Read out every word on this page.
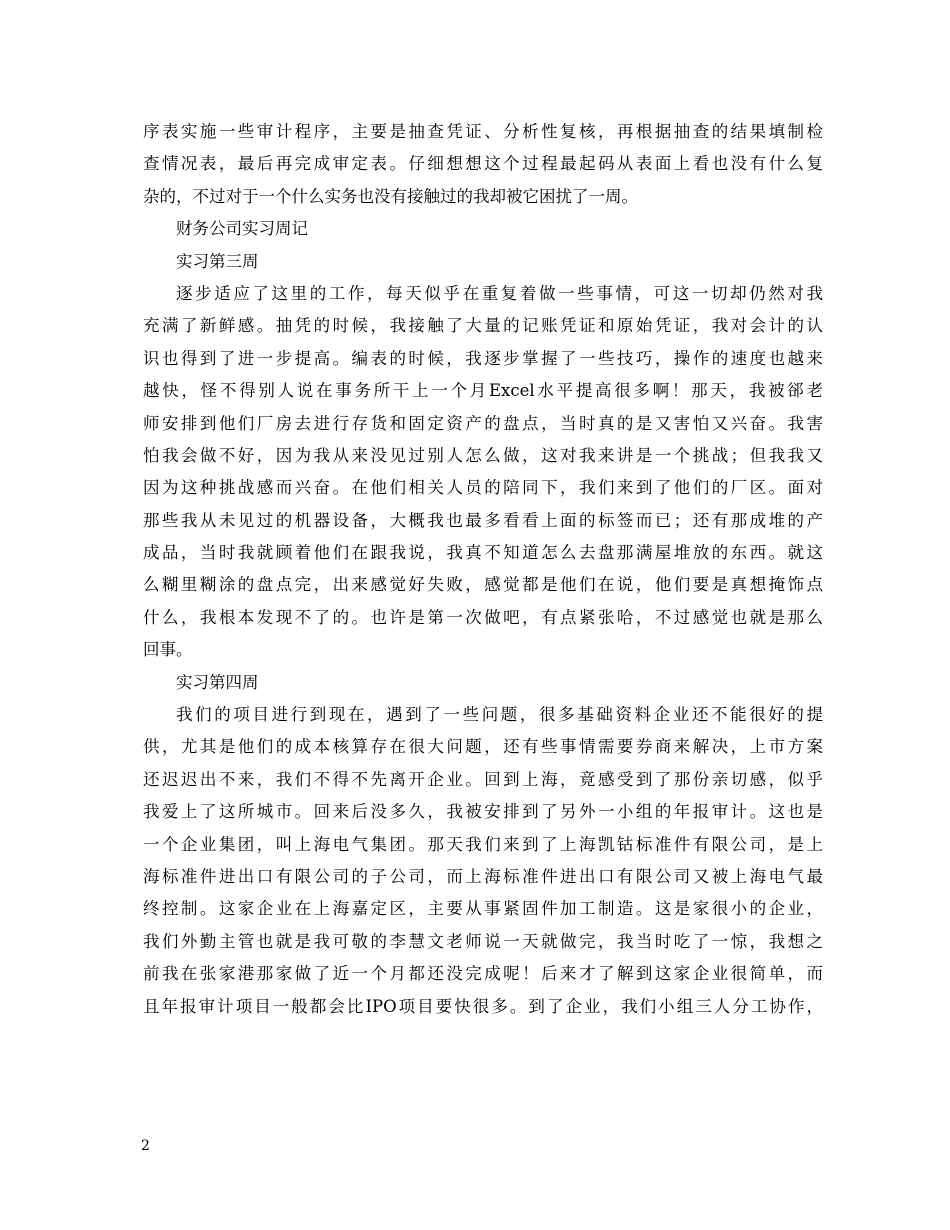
序表实施一些审计程序，主要是抽查凭证、分析性复核，再根据抽查的结果填制检
查情况表，最后再完成审定表。仔细想想这个过程最起码从表面上看也没有什么复
杂的，不过对于一个什么实务也没有接触过的我却被它困扰了一周。
财务公司实习周记
实习第三周
逐步适应了这里的工作，每天似乎在重复着做一些事情，可这一切却仍然对我
充满了新鲜感。抽凭的时候，我接触了大量的记账凭证和原始凭证，我对会计的认
识也得到了进一步提高。编表的时候，我逐步掌握了一些技巧，操作的速度也越来
越快，怪不得别人说在事务所干上一个月Excel水平提高很多啊！那天，我被郤老
师安排到他们厂房去进行存货和固定资产的盘点，当时真的是又害怕又兴奋。我害
怕我会做不好，因为我从来没见过别人怎么做，这对我来讲是一个挑战；但我我又
因为这种挑战感而兴奋。在他们相关人员的陪同下，我们来到了他们的厂区。面对
那些我从未见过的机器设备，大概我也最多看看上面的标签而已；还有那成堆的产
成品，当时我就顾着他们在跟我说，我真不知道怎么去盘那满屋堆放的东西。就这
么糊里糊涂的盘点完，出来感觉好失败，感觉都是他们在说，他们要是真想掩饰点
什么，我根本发现不了的。也许是第一次做吧，有点紧张哈，不过感觉也就是那么
回事。
实习第四周
我们的项目进行到现在，遇到了一些问题，很多基础资料企业还不能很好的提
供，尤其是他们的成本核算存在很大问题，还有些事情需要券商来解决，上市方案
还迟迟出不来，我们不得不先离开企业。回到上海，竟感受到了那份亲切感，似乎
我爱上了这所城市。回来后没多久，我被安排到了另外一小组的年报审计。这也是
一个企业集团，叫上海电气集团。那天我们来到了上海凯钴标准件有限公司，是上
海标准件进出口有限公司的子公司，而上海标准件进出口有限公司又被上海电气最
终控制。这家企业在上海嘉定区，主要从事紧固件加工制造。这是家很小的企业，
我们外勤主管也就是我可敬的李慧文老师说一天就做完，我当时吃了一惊，我想之
前我在张家港那家做了近一个月都还没完成呢！后来才了解到这家企业很简单，而
且年报审计项目一般都会比IPO项目要快很多。到了企业，我们小组三人分工协作，
2
